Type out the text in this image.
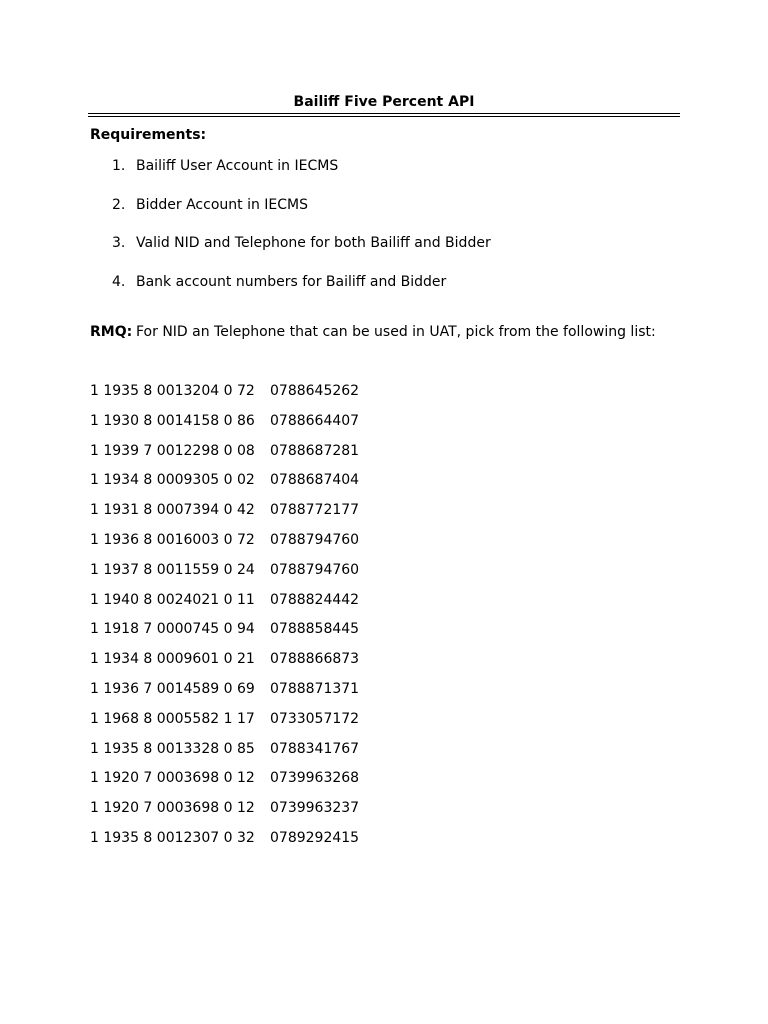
Bailiff Five Percent API
Requirements:
1. Bailiff User Account in IECMS
2. Bidder Account in IECMS
3. Valid NID and Telephone for both Bailiff and Bidder
4. Bank account numbers for Bailiff and Bidder
RMQ: For NID an Telephone that can be used in UAT, pick from the following list:
1 1935 8 0013204 0 72 0788645262
1 1930 8 0014158 0 86 0788664407
1 1939 7 0012298 0 08 0788687281
1 1934 8 0009305 0 02 0788687404
1 1931 8 0007394 0 42 0788772177
1 1936 8 0016003 0 72 0788794760
1 1937 8 0011559 0 24 0788794760
1 1940 8 0024021 0 11 0788824442
1 1918 7 0000745 0 94 0788858445
1 1934 8 0009601 0 21 0788866873
1 1936 7 0014589 0 69 0788871371
1 1968 8 0005582 1 17 0733057172
1 1935 8 0013328 0 85 0788341767
1 1920 7 0003698 0 12 0739963268
1 1920 7 0003698 0 12 0739963237
1 1935 8 0012307 0 32 0789292415
